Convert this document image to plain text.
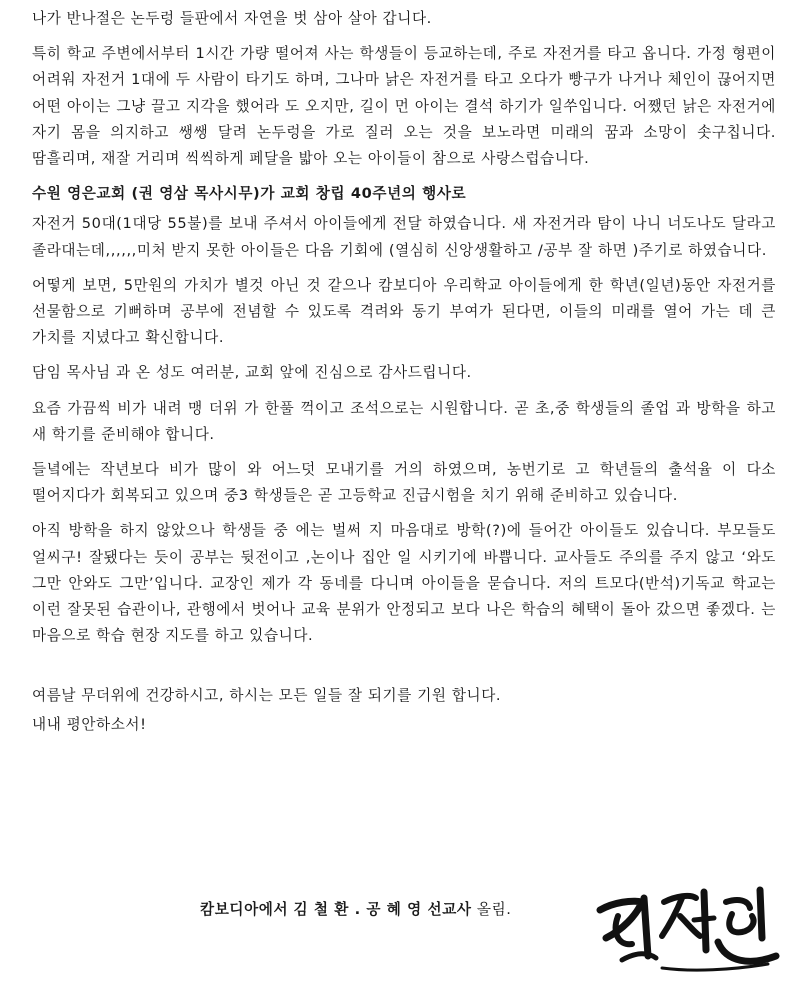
나가 반나절은 논두렁 들판에서 자연을 벗 삼아 살아 갑니다.

특히 학교 주변에서부터 1시간 가량 떨어져 사는 학생들이 등교하는데, 주로 자전거를 타고 옵니다. 가정 형편이 어려워 자전거 1대에 두 사람이 타기도 하며, 그나마 낡은 자전거를 타고 오다가 빵구가 나거나 체인이 끊어지면 어떤 아이는 그냥 끌고 지각을 했어라 도 오지만, 길이 먼 아이는 결석 하기가 일쑤입니다. 어쨌던 낡은 자전거에 자기 몸을 의지하고 쌩쌩 달려 논두렁을 가로 질러 오는 것을 보노라면 미래의 꿈과 소망이 솟구칩니다. 땀흘리며, 재잘 거리며 씩씩하게 페달을 밟아 오는 아이들이 참으로 사랑스럽습니다.

수원 영은교회 (권 영삼 목사시무)가 교회 창립 40주년의 행사로

자전거 50대(1대당 55불)를 보내 주셔서 아이들에게 전달 하였습니다. 새 자전거라 탐이 나니 너도나도 달라고 졸라대는데,,,,,,미처 받지 못한 아이들은 다음 기회에 (열심히 신앙생활하고 /공부 잘 하면 )주기로 하였습니다.

어떻게 보면, 5만원의 가치가 별것 아닌 것 같으나 캄보디아 우리학교 아이들에게 한 학년(일년)동안 자전거를 선물함으로 기뻐하며 공부에 전념할 수 있도록 격려와 동기 부여가 된다면, 이들의 미래를 열어 가는 데 큰 가치를 지녔다고 확신합니다.

담임 목사님 과 온 성도 여러분, 교회 앞에 진심으로 감사드립니다.

요즘 가끔씩 비가 내려 맹 더위 가 한풀 꺽이고 조석으로는 시원합니다. 곧 초,중 학생들의 졸업 과 방학을 하고 새 학기를 준비해야 합니다.

들녘에는 작년보다 비가 많이 와 어느덧 모내기를 거의 하였으며, 농번기로 고 학년들의 출석율 이 다소 떨어지다가 회복되고 있으며 중3 학생들은 곧 고등학교 진급시험을 치기 위해 준비하고 있습니다.

아직 방학을 하지 않았으나 학생들 중 에는 벌써 지 마음대로 방학(?)에 들어간 아이들도 있습니다. 부모들도 얼씨구! 잘됐다는 듯이 공부는 뒷전이고 ,논이나 집안 일 시키기에 바쁩니다. 교사들도 주의를 주지 않고 ‘와도 그만 안와도 그만’입니다. 교장인 제가 각 동네를 다니며 아이들을 묻습니다. 저의 트모다(반석)기독교 학교는 이런 잘못된 습관이나, 관행에서 벗어나 교육 분위가 안정되고 보다 나은 학습의 혜택이 돌아 갔으면 좋겠다. 는 마음으로 학습 현장 지도를 하고 있습니다.

여름날 무더위에 건강하시고, 하시는 모든 일들 잘 되기를 기원 합니다.

내내 평안하소서!

캄보디아에서 김 철 환 . 공 혜 영 선교사 올림.
